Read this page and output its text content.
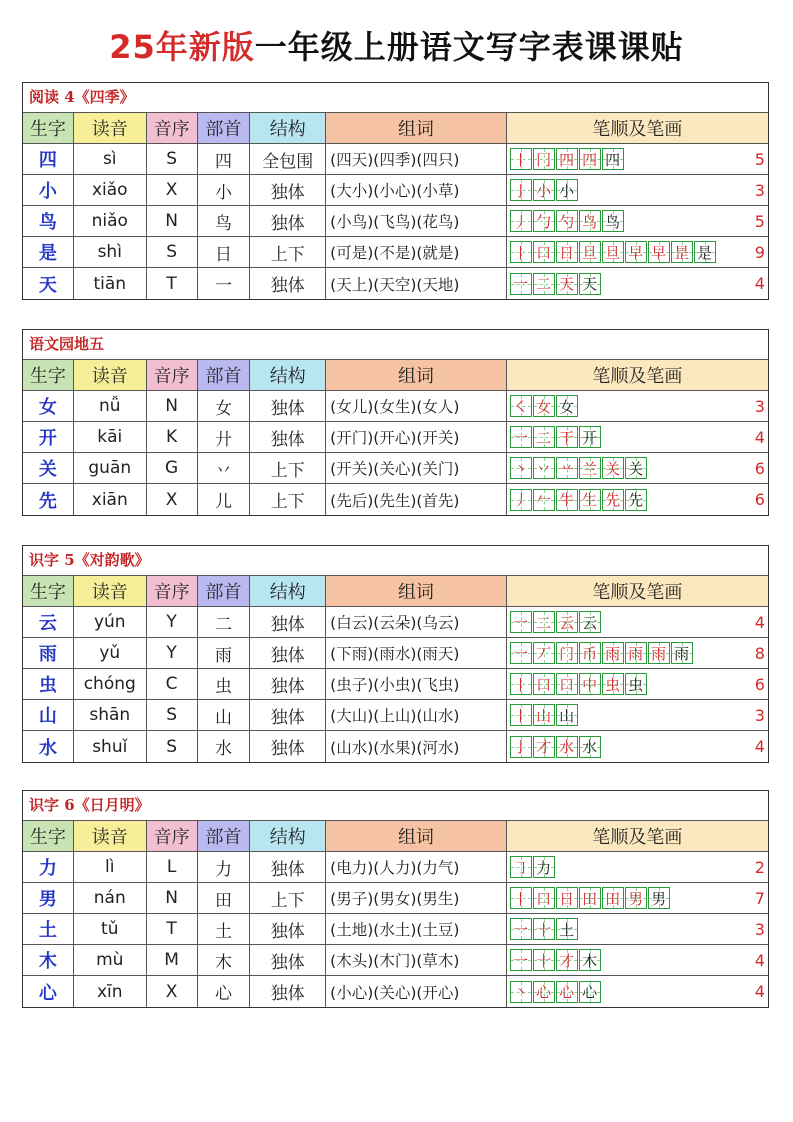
25年新版一年级上册语文写字表课课贴
阅读 4《四季》
生字	读音	音序 部首	结构	组词	笔顺及笔画
四	sì	S	四	全包围	(四天)(四季)(四只)	丨 冂 四 四 四	5
小	xiǎo	X	小	独体	(大小)(小心)(小草)	亅 小 小	3
鸟	niǎo	N	鸟	独体	(小鸟)(飞鸟)(花鸟)	丿 勹 勺 鸟 鸟	5
是	shì	S	日	上下	(可是)(不是)(就是)	丨 口 日 旦 旦 早 早 昰 是	9
天	tiān	T	一	独体	(天上)(天空)(天地)	一 二 天 天	4
语文园地五
生字	读音	音序 部首	结构	组词	笔顺及笔画
女	nǚ	N	女	独体	(女儿)(女生)(女人)	㇛ 女 女	3
开	kāi	K	廾	独体	(开门)(开心)(开关)	一 二 干 开	4
关	guān	G	丷	上下	(开关)(关心)(关门)	丶 丷 䒑 兰 关 关	6
先	xiān	X	儿	上下	(先后)(先生)(首先)	丿 𠂉 牛 生 先 先	6
识字 5《对韵歌》
生字	读音	音序 部首	结构	组词	笔顺及笔画
云	yún	Y	二	独体	(白云)(云朵)(乌云)	一 二 云 云	4
雨	yǔ	Y	雨	独体	(下雨)(雨水)(雨天)	一 丆 门 币 雨 雨 雨 雨	8
虫	chóng	C	虫	独体	(虫子)(小虫)(飞虫)	丨 口 口 中 虫 虫	6
山	shān	S	山	独体	(大山)(上山)(山水)	丨 山 山	3
水	shuǐ	S	水	独体	(山水)(水果)(河水)	亅 才 水 水	4
识字 6《日月明》
生字	读音	音序 部首	结构	组词	笔顺及笔画
力	lì	L	力	独体	(电力)(人力)(力气)	㇆ 力	2
男	nán	N	田	上下	(男子)(男女)(男生)	丨 口 日 田 田 男 男	7
土	tǔ	T	土	独体	(土地)(水土)(土豆)	一 十 土	3
木	mù	M	木	独体	(木头)(木门)(草木)	一 十 才 木	4
心	xīn	X	心	独体	(小心)(关心)(开心)	丶 心 心 心	4
